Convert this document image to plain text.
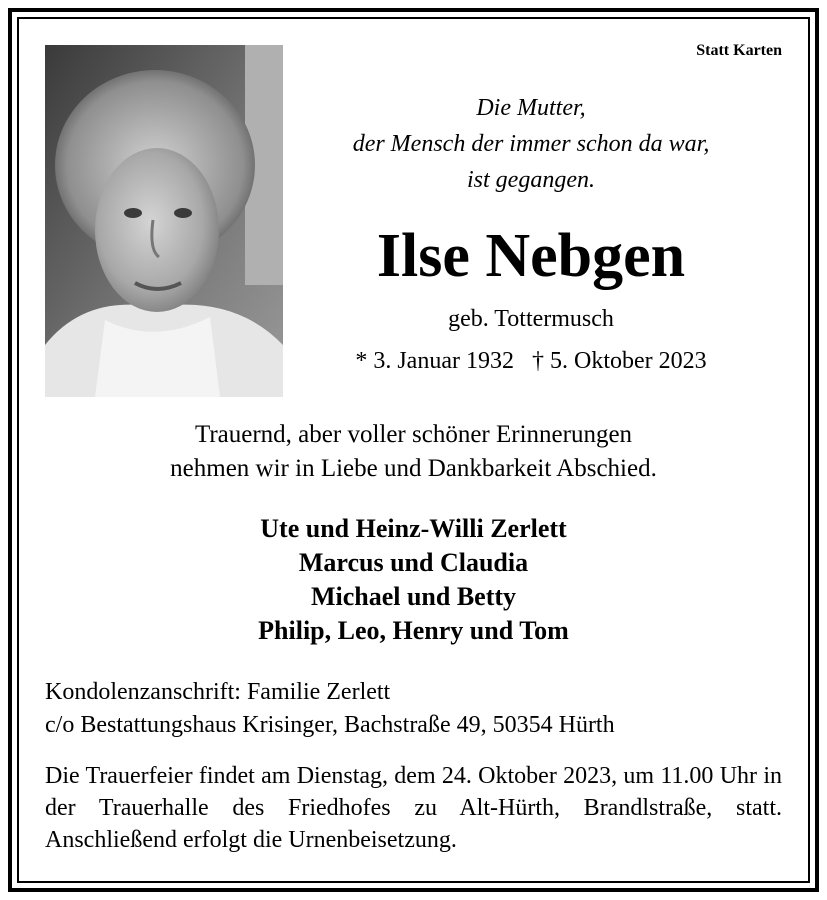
Statt Karten
Die Mutter,
der Mensch der immer schon da war,
ist gegangen.
Ilse Nebgen
geb. Tottermusch
* 3. Januar 1932 † 5. Oktober 2023
Trauernd, aber voller schöner Erinnerungen
nehmen wir in Liebe und Dankbarkeit Abschied.
Ute und Heinz-Willi Zerlett
Marcus und Claudia
Michael und Betty
Philip, Leo, Henry und Tom
Kondolenzanschrift: Familie Zerlett
c/o Bestattungshaus Krisinger, Bachstraße 49, 50354 Hürth
Die Trauerfeier findet am Dienstag, dem 24. Oktober 2023, um 11.00 Uhr in der Trauerhalle des Friedhofes zu Alt-Hürth, Brandlstraße, statt. Anschließend erfolgt die Urnenbeisetzung.
